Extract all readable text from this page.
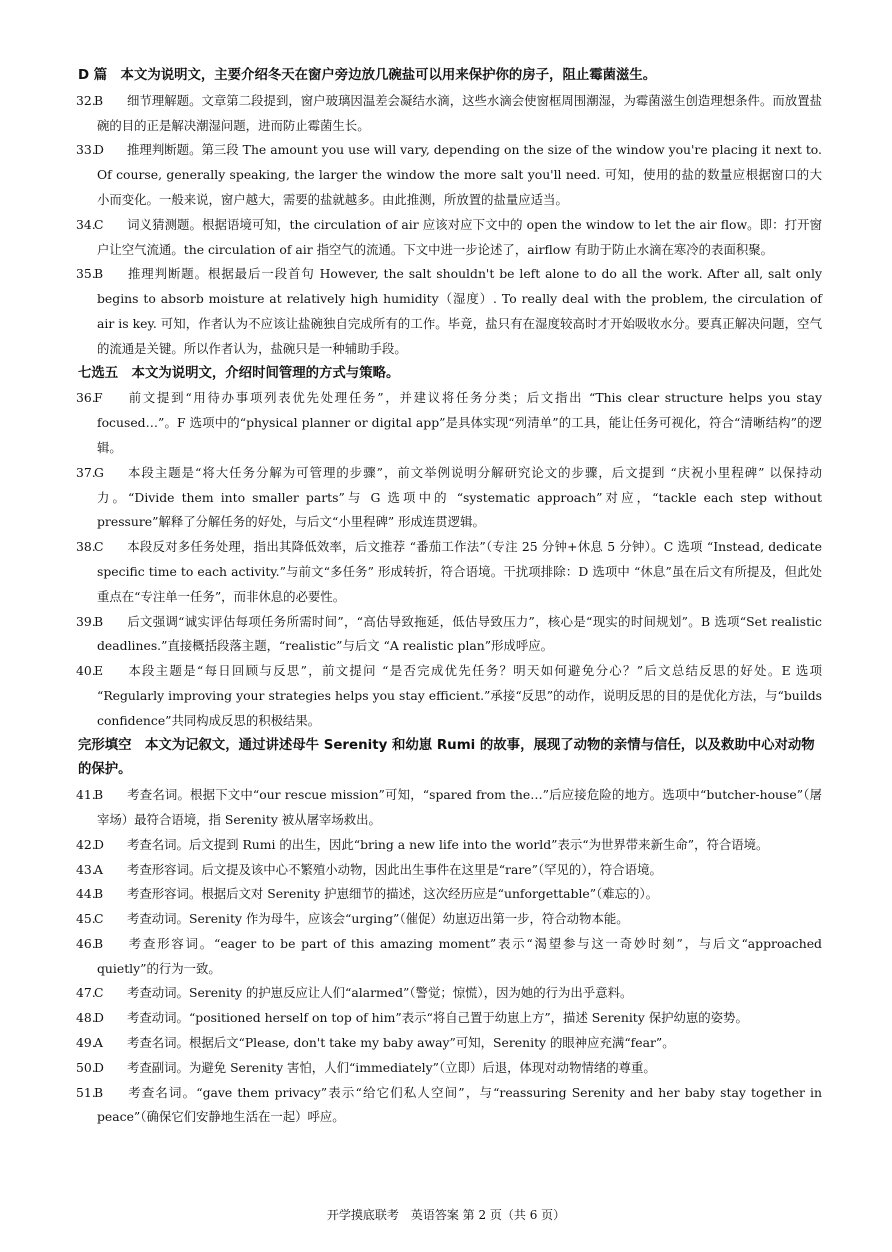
D 篇　本文为说明文，主要介绍冬天在窗户旁边放几碗盐可以用来保护你的房子，阻止霉菌滋生。

32.B 细节理解题。文章第二段提到，窗户玻璃因温差会凝结水滴，这些水滴会使窗框周围潮湿，为霉菌滋生创造理想条件。而放置盐碗的目的正是解决潮湿问题，进而防止霉菌生长。

33.D 推理判断题。第三段 The amount you use will vary, depending on the size of the window you're placing it next to. Of course, generally speaking, the larger the window the more salt you'll need. 可知，使用的盐的数量应根据窗口的大小而变化。一般来说，窗户越大，需要的盐就越多。由此推测，所放置的盐量应适当。

34.C 词义猜测题。根据语境可知，the circulation of air 应该对应下文中的 open the window to let the air flow。即：打开窗户让空气流通。the circulation of air 指空气的流通。下文中进一步论述了，airflow 有助于防止水滴在寒冷的表面积聚。

35.B 推理判断题。根据最后一段首句 However, the salt shouldn't be left alone to do all the work. After all, salt only begins to absorb moisture at relatively high humidity（湿度）. To really deal with the problem, the circulation of air is key. 可知，作者认为不应该让盐碗独自完成所有的工作。毕竟，盐只有在湿度较高时才开始吸收水分。要真正解决问题，空气的流通是关键。所以作者认为，盐碗只是一种辅助手段。

七选五　本文为说明文，介绍时间管理的方式与策略。

36.F 前文提到“用待办事项列表优先处理任务”，并建议将任务分类；后文指出 “This clear structure helps you stay focused…”。F 选项中的“physical planner or digital app”是具体实现“列清单”的工具，能让任务可视化，符合“清晰结构”的逻辑。

37.G 本段主题是“将大任务分解为可管理的步骤”，前文举例说明分解研究论文的步骤，后文提到 “庆祝小里程碑” 以保持动力。“Divide them into smaller parts”与 G 选项中的 “systematic approach”对应，“tackle each step without pressure”解释了分解任务的好处，与后文“小里程碑” 形成连贯逻辑。

38.C 本段反对多任务处理，指出其降低效率，后文推荐 “番茄工作法”（专注 25 分钟+休息 5 分钟）。C 选项 “Instead, dedicate specific time to each activity.”与前文“多任务” 形成转折，符合语境。干扰项排除：D 选项中 “休息”虽在后文有所提及，但此处重点在“专注单一任务”，而非休息的必要性。

39.B 后文强调“诚实评估每项任务所需时间”，“高估导致拖延，低估导致压力”，核心是“现实的时间规划”。B 选项“Set realistic deadlines.”直接概括段落主题，“realistic”与后文 “A realistic plan”形成呼应。

40.E 本段主题是“每日回顾与反思”，前文提问 “是否完成优先任务？明天如何避免分心？”后文总结反思的好处。E 选项 “Regularly improving your strategies helps you stay efficient.”承接“反思”的动作，说明反思的目的是优化方法，与“builds confidence”共同构成反思的积极结果。

完形填空　本文为记叙文，通过讲述母牛 Serenity 和幼崽 Rumi 的故事，展现了动物的亲情与信任，以及救助中心对动物的保护。

41.B 考查名词。根据下文中“our rescue mission”可知，“spared from the…”后应接危险的地方。选项中“butcher-house”（屠宰场）最符合语境，指 Serenity 被从屠宰场救出。

42.D 考查名词。后文提到 Rumi 的出生，因此“bring a new life into the world”表示“为世界带来新生命”，符合语境。

43.A 考查形容词。后文提及该中心不繁殖小动物，因此出生事件在这里是“rare”（罕见的），符合语境。

44.B 考查形容词。根据后文对 Serenity 护崽细节的描述，这次经历应是“unforgettable”（难忘的）。

45.C 考查动词。Serenity 作为母牛，应该会“urging”（催促）幼崽迈出第一步，符合动物本能。

46.B 考查形容词。“eager to be part of this amazing moment”表示“渴望参与这一奇妙时刻”，与后文“approached quietly”的行为一致。

47.C 考查动词。Serenity 的护崽反应让人们“alarmed”（警觉；惊慌），因为她的行为出乎意料。

48.D 考查动词。“positioned herself on top of him”表示“将自己置于幼崽上方”，描述 Serenity 保护幼崽的姿势。

49.A 考查名词。根据后文“Please, don't take my baby away”可知，Serenity 的眼神应充满“fear”。

50.D 考查副词。为避免 Serenity 害怕，人们“immediately”（立即）后退，体现对动物情绪的尊重。

51.B 考查名词。“gave them privacy”表示“给它们私人空间”，与“reassuring Serenity and her baby stay together in peace”（确保它们安静地生活在一起）呼应。

开学摸底联考　英语答案 第 2 页（共 6 页）
